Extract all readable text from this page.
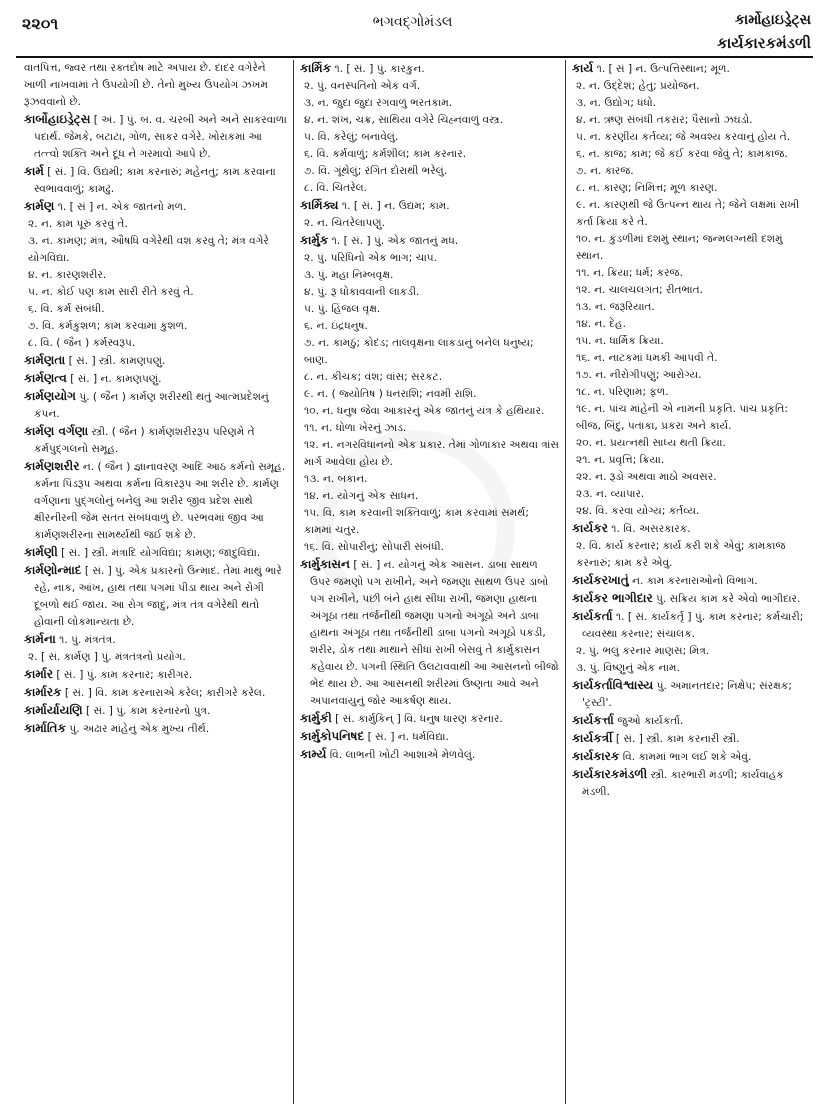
૨૨૦૧	ભગવદ્ગોમંડલ	કાર્મોહાઇડ્રેટ્સ
કાર્યકારકમંડળી

વાતપિત્ત, જ્વર તથા રક્તદોષ માટે અપાય છે. દાદર વગેરેને ખાળી નાખવામાં તે ઉપયોગી છે. તેનો મુખ્ય ઉપયોગ ઝખમ રૂઝવવાનો છે.

કાર્બોહાઇડ્રેટ્સ [ અં. ] પું. બ. વ. ચરબી અને અને સાકરવાળા પદાર્થ. જેમકે, બટાટા, ગોળ, સાકર વગેરે. ખોરાકમાં આ તત્ત્વો શક્તિ અને દૂધ ને ગરમાવો આપે છે.

કાર્મ [ સં. ] વિ. ઉદ્યમી; કામ કરનારું; મહેનતુ; કામ કરવાના સ્વભાવવાળું; કામઢું.

કાર્મણ ૧. [ સં ] ન. એક જાતનો મળ.

૨. ન. કામ પૂરું કરવું તે.

૩. ન. કામણ; મંત્ર, ઔષધિ વગેરેથી વશ કરવું તે; મંત્ર વગેરે યોગવિદ્યા.

૪. ન. કારણશરીર.

૫. ન. કોઈ પણ કામ સારી રીતે કરવું તે.

૬. વિ. કર્મ સંબંધી.

૭. વિ. કર્મકુશળ; કામ કરવામાં કુશળ.

૮. વિ. ( જૈન ) કર્મસ્વરૂપ.

કાર્મણતા [ સં. ] સ્ત્રી. કામણપણું.

કાર્મણત્વ [ સં. ] ન. કામણપણું.

કાર્મણયોગ પું. ( જૈન ) કાર્મણ શરીરથી થતું આત્મપ્રદેશનું કંપન.

કાર્મણ વર્ગણા સ્ત્રી. ( જૈન ) કાર્મણશરીરરૂપ પરિણમે તે કર્મપુદ્ગલનો સમૂહ.

કાર્મણશરીર ન. ( જૈન ) જ્ઞાનાવરણ આદિ આઠ કર્મનો સમૂહ. કર્મના પિંડરૂપ અથવા કર્મના વિકારરૂપ આ શરીર છે. કાર્મણ વર્ગણાના પુદ્ગલોનું બનેલું આ શરીર જીવ પ્રદેશ સાથે ક્ષીરનીરની જેમ સતત સંબંધવાળું છે. પરભવમાં જીવ આ કાર્મણશરીરના સામર્થ્યથી જઈ શકે છે.

કાર્મણી [ સં. ] સ્ત્રી. મંત્રાદિ યોગવિદ્યા; કામણ; જાદુવિદ્યા.

કાર્મણોન્માદ [ સં. ] પું. એક પ્રકારનો ઉન્માદ. તેમાં માથું ભારે રહે, નાક, આંખ, હાથ તથા પગમાં પીડા થાય અને રોગી દૂબળો થઈ જાય. આ રોગ જાદુ, મંત્ર તંત્ર વગેરેથી થતો હોવાની લોકમાન્યતા છે.

કાર્મના ૧. પું. મંત્રતંત્ર.

૨. [ સં. કાર્મણ ] પું. મંત્રતંત્રનો પ્રયોગ.

કાર્માર [ સં. ] પું. કામ કરનાર; કારીગર.

કાર્મારક [ સં. ] વિ. કામ કરનારાએ કરેલ; કારીગરે કરેલ.

કાર્માર્યાયણિ [ સં. ] પું. કામ કરનારનો પુત્ર.

કાર્માતિક પું. અઢાર માંહેનું એક મુખ્ય તીર્થ.

કાર્મિક ૧. [ સં. ] પું. કારકુન.

૨. પું. વનસ્પતિનો એક વર્ગ.

૩. ન. જુદા જુદા રંગવાળું ભરતકામ.

૪. ન. શંખ, ચક્ર, સાથિયા વગેરે ચિહ્નવાળું વસ્ત્ર.

૫. વિ. કરેલું; બનાવેલું.

૬. વિ. કર્મવાળું; કર્મશીલ; કામ કરનાર.

૭. વિ. ગૂંથેલું; રંગિત દોરાથી ભરેલું.

૮. વિ. ચિતરેલ.

કાર્મિક્ય ૧. [ સં. ] ન. ઉદ્યમ; કામ.

૨. ન. ચિતરેલાપણું.

કાર્મુક ૧. [ સં. ] પું. એક જાતનું મધ.

૨. પું. પરિધિનો એક ભાગ; ચાપ.

૩. પું. મહા નિમ્બવૃક્ષ.

૪. પું. રૂ ધોકાવવાની લાકડી.

૫. પું. હિંજલ વૃક્ષ.

૬. ન. ઇંદ્રધનુષ.

૭. ન. કામઠું; કોદંડ; તાલવૃક્ષના લાકડાનું બનેલ ધનુષ્ય; બાણ.

૮. ન. કીચક; વંશ; વાંસ; સરકટ.

૯. ન. ( જ્યોતિષ ) ધનરાશિ; નવમી રાશિ.

૧૦. ન. ધનુષ જેવા આકારનું એક જાતનું યંત્ર કે હથિયાર.

૧૧. ન. ધોળા ખેરનું ઝાડ.

૧૨. ન. નગરવિધાનનો એક પ્રકાર. તેમાં ગોળાકાર અથવા ત્રાંસ માર્ગ આવેલા હોય છે.

૧૩. ન. બકાન.

૧૪. ન. યોગનું એક સાધન.

૧૫. વિ. કામ કરવાની શક્તિવાળું; કામ કરવામાં સમર્થ; કામમાં ચતુર.

૧૬. વિ. સોપારીનું; સોપારી સંબંધી.

કાર્મુકાસન [ સં. ] ન. યોગનું એક આસન. ડાબા સાથળ ઉપર જમણો પગ રાખીને, અને જમણા સાથળ ઉપર ડાબો પગ રાખીને, પછી બંને હાથ સીધા રાખી, જમણા હાથના અંગૂઠા તથા તર્જનીથી જમણા પગનો અંગૂઠો અને ડાબા હાથના અંગૂઠા તથા તર્જનીથી ડાબા પગનો અંગૂઠો પકડી, શરીર, ડોક તથા માથાને સીધાં રાખી બેસવું તે કાર્મુકાસન કહેવાય છે. પગની સ્થિતિ ઉલટાવવાથી આ આસનનો બીજો ભેદ થાય છે. આ આસનથી શરીરમાં ઉષ્ણતા આવે અને અપાનવાયુનું જોર આકર્ષણ થાય.

કાર્મુકી [ સં. કાર્મુકિન્ ] વિ. ધનુષ ધારણ કરનાર.

કાર્મુકોપનિષદ [ સં. ] ન. ધર્મવિદ્યા.

કાર્મ્ય વિ. લાભની ખોટી આશાએ મેળવેલું.

કાર્ય ૧. [ સં ] ન. ઉત્પત્તિસ્થાન; મૂળ.

૨. ન. ઉદ્દેશ; હેતુ; પ્રયોજન.

૩. ન. ઉદ્યોગ; ધંધો.

૪. ન. ઋણ સંબંધી તકરાર; પૈસાનો ઝઘડો.

૫. ન. કરણીય કર્તવ્ય; જે અવશ્ય કરવાનું હોય તે.

૬. ન. કાજ; કામ; જે કંઈ કરવા જેવું તે; કામકાજ.

૭. ન. કારજ.

૮. ન. કારણ; નિમિત્ત; મૂળ કારણ.

૯. ન. કારણથી જે ઉત્પન્ન થાય તે; જેને લક્ષમાં રાખી કર્તા ક્રિયા કરે તે.

૧૦. ન. કુંડળીમાં દશમું સ્થાન; જન્મલગ્નથી દશમું સ્થાન.

૧૧. ન. ક્રિયા; ધર્મ; કરજ.

૧૨. ન. ચાલચલગત; રીતભાત.

૧૩. ન. જરૂરિયાત.

૧૪. ન. દેહ.

૧૫. ન. ધાર્મિક ક્રિયા.

૧૬. ન. નાટકમાં ધમકી આપવી તે.

૧૭. ન. નીરોગીપણું; આરોગ્ય.

૧૮. ન. પરિણામ; ફળ.

૧૯. ન. પાંચ માંહેની એ નામની પ્રકૃતિ. પાંચ પ્રકૃતિ: બીજ, બિંદુ, પતાકા, પ્રકરા અને કાર્ય.

૨૦. ન. પ્રયત્નથી સાધ્ય થતી ક્રિયા.

૨૧. ન. પ્રવૃત્તિ; ક્રિયા.

૨૨. ન. રૂડો અથવા માઠો અવસર.

૨૩. ન. વ્યાપાર.

૨૪. વિ. કરવા યોગ્ય; કર્તવ્ય.

કાર્યકર ૧. વિ. અસરકારક.

૨. વિ. કાર્ય કરનાર; કાર્ય કરી શકે એવું; કામકાજ કરનારું; કામ કરે એવું.

કાર્યકરખાતું ન. કામ કરનારાઓનો વિભાગ.

કાર્યકર ભાગીદાર પું. સક્રિય કામ કરે એવો ભાગીદાર.

કાર્યકર્તા ૧. [ સં. કાર્યકર્તૃ ] પું. કામ કરનાર; કર્મચારી; વ્યવસ્થા કરનાર; સંચાલક.

૨. પું. ભલું કરનાર માણસ; મિત્ર.

૩. પું. વિષ્ણુનું એક નામ.

કાર્યકર્તાવિશ્વાસ્ય પું. અમાનતદાર; નિક્ષેપ; સંરક્ષક; 'ટ્રસ્ટી'.

કાર્યકર્ત્તા જુઓ કાર્યકર્તા.

કાર્યકર્ત્રી [ સં. ] સ્ત્રી. કામ કરનારી સ્ત્રી.

કાર્યકારક વિ. કામમાં ભાગ લઈ શકે એવું.

કાર્યકારકમંડળી સ્ત્રી. કારભારી મંડળી; કાર્યવાહક મંડળી.
